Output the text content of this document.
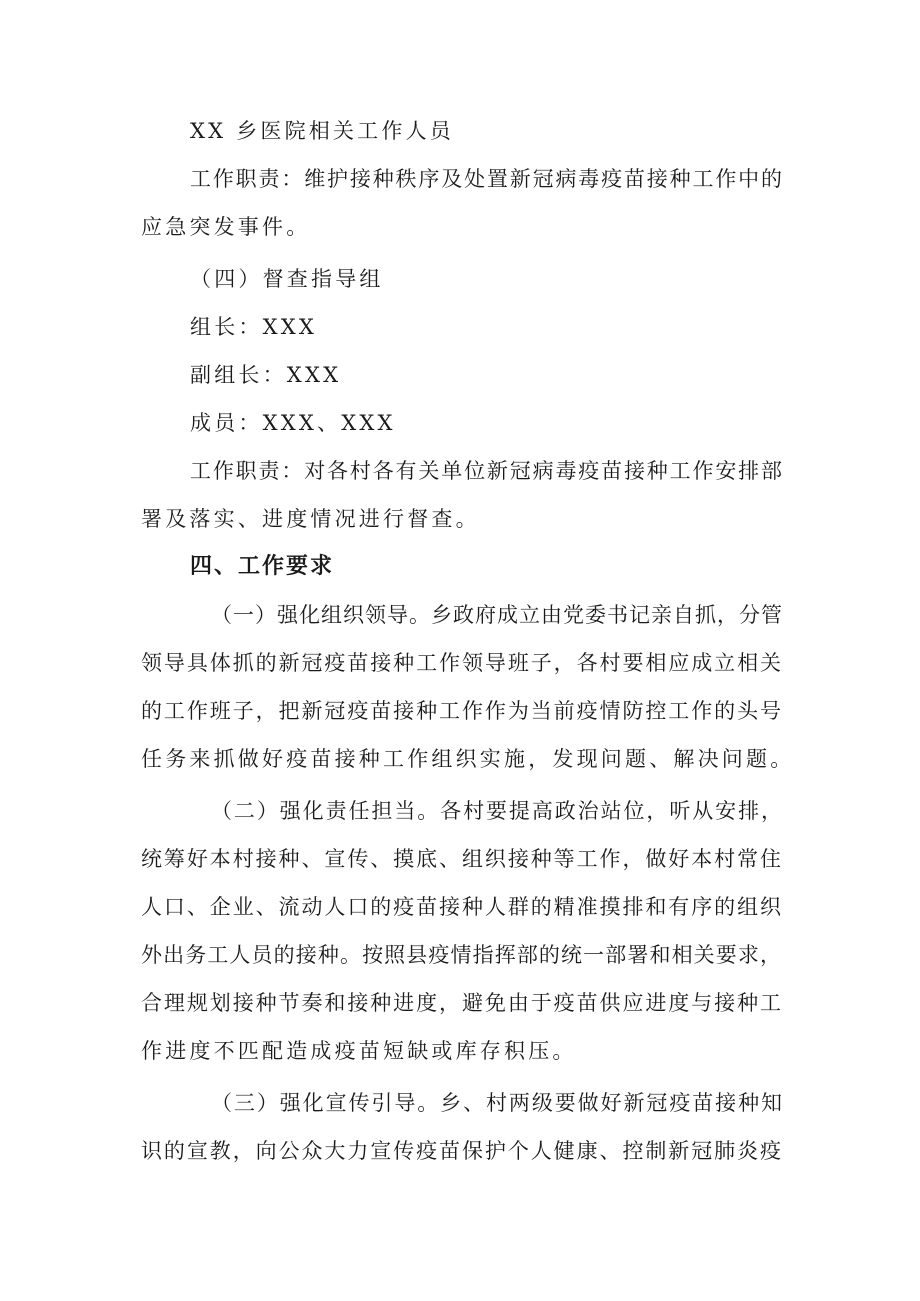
XX 乡医院相关工作人员
工作职责：维护接种秩序及处置新冠病毒疫苗接种工作中的
应急突发事件。
（四）督查指导组
组长：XXX
副组长：XXX
成员：XXX、XXX
工作职责：对各村各有关单位新冠病毒疫苗接种工作安排部
署及落实、进度情况进行督查。
四、工作要求
（一）强化组织领导。乡政府成立由党委书记亲自抓，分管
领导具体抓的新冠疫苗接种工作领导班子，各村要相应成立相关
的工作班子，把新冠疫苗接种工作作为当前疫情防控工作的头号
任务来抓做好疫苗接种工作组织实施，发现问题、解决问题。
（二）强化责任担当。各村要提高政治站位，听从安排，
统筹好本村接种、宣传、摸底、组织接种等工作，做好本村常住
人口、企业、流动人口的疫苗接种人群的精准摸排和有序的组织
外出务工人员的接种。按照县疫情指挥部的统一部署和相关要求，
合理规划接种节奏和接种进度，避免由于疫苗供应进度与接种工
作进度不匹配造成疫苗短缺或库存积压。
（三）强化宣传引导。乡、村两级要做好新冠疫苗接种知
识的宣教，向公众大力宣传疫苗保护个人健康、控制新冠肺炎疫
